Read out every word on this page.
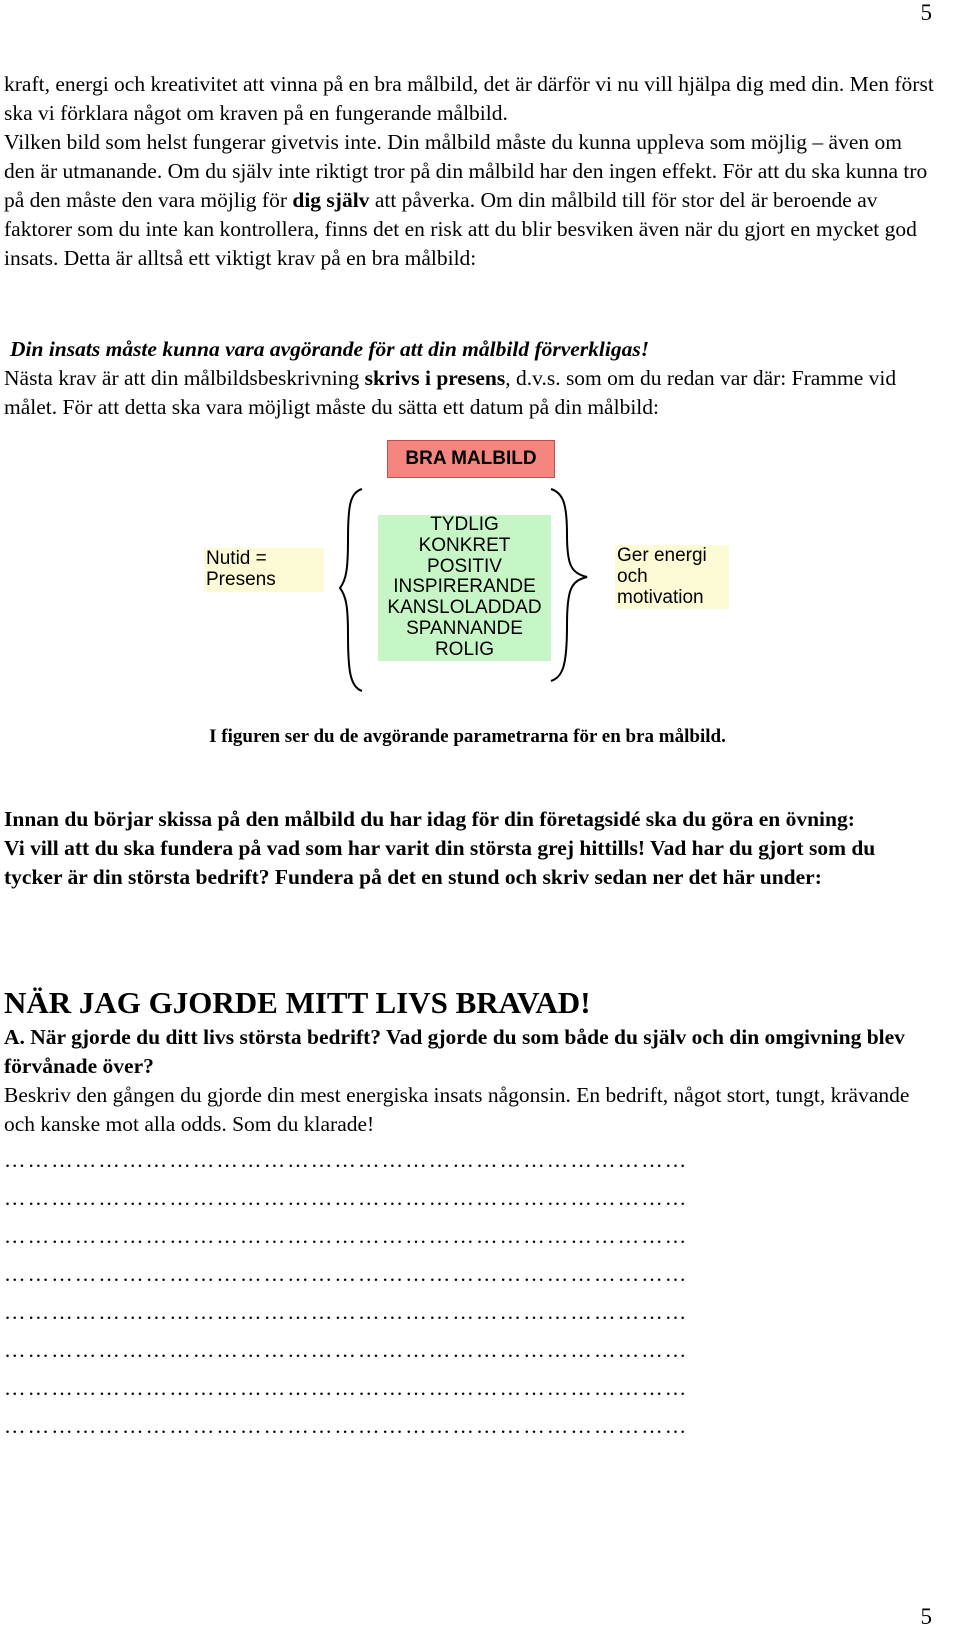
5

kraft, energi och kreativitet att vinna på en bra målbild, det är därför vi nu vill hjälpa dig med din. Men först ska vi förklara något om kraven på en fungerande målbild.

Vilken bild som helst fungerar givetvis inte. Din målbild måste du kunna uppleva som möjlig – även om den är utmanande. Om du själv inte riktigt tror på din målbild har den ingen effekt. För att du ska kunna tro på den måste den vara möjlig för dig själv att påverka. Om din målbild till för stor del är beroende av faktorer som du inte kan kontrollera, finns det en risk att du blir besviken även när du gjort en mycket god insats. Detta är alltså ett viktigt krav på en bra målbild:

Din insats måste kunna vara avgörande för att din målbild förverkligas!

Nästa krav är att din målbildsbeskrivning skrivs i presens, d.v.s. som om du redan var där: Framme vid målet. För att detta ska vara möjligt måste du sätta ett datum på din målbild:

BRA MALBILD
Nutid =
Presens
TYDLIG
KONKRET
POSITIV
INSPIRERANDE
KANSLOLADDAD
SPANNANDE
ROLIG
Ger energi
och
motivation
I figuren ser du de avgörande parametrarna för en bra målbild.

Innan du börjar skissa på den målbild du har idag för din företagsidé ska du göra en övning:

Vi vill att du ska fundera på vad som har varit din största grej hittills! Vad har du gjort som du tycker är din största bedrift? Fundera på det en stund och skriv sedan ner det här under:

NÄR JAG GJORDE MITT LIVS BRAVAD!

A. När gjorde du ditt livs största bedrift? Vad gjorde du som både du själv och din omgivning blev förvånade över?

Beskriv den gången du gjorde din mest energiska insats någonsin. En bedrift, något stort, tungt, krävande och kanske mot alla odds. Som du klarade!

……………………………………………………………………………
……………………………………………………………………………
……………………………………………………………………………
……………………………………………………………………………
……………………………………………………………………………
……………………………………………………………………………
……………………………………………………………………………
……………………………………………………………………………
5
